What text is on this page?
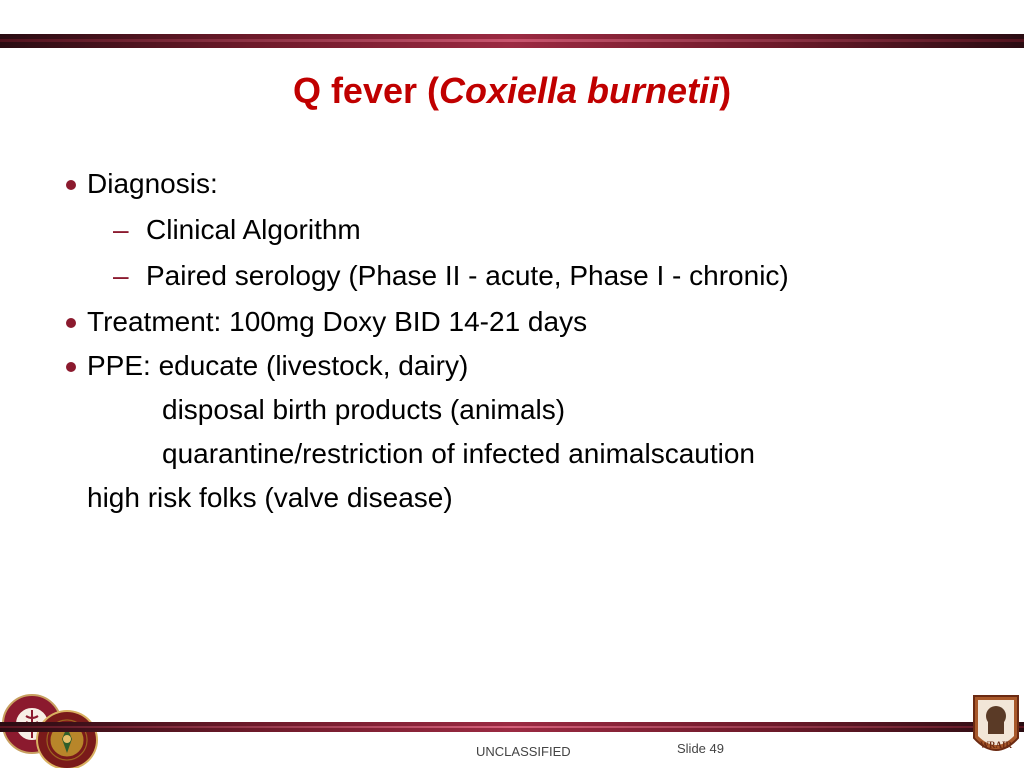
Q fever (Coxiella burnetii)
Diagnosis:
– Clinical Algorithm
– Paired serology (Phase II - acute, Phase I - chronic)
Treatment: 100mg Doxy BID 14-21 days
PPE: educate (livestock, dairy)
disposal birth products (animals)
quarantine/restriction of infected animalscaution
high risk folks (valve disease)
UNCLASSIFIED	Slide 49	WRAIR
